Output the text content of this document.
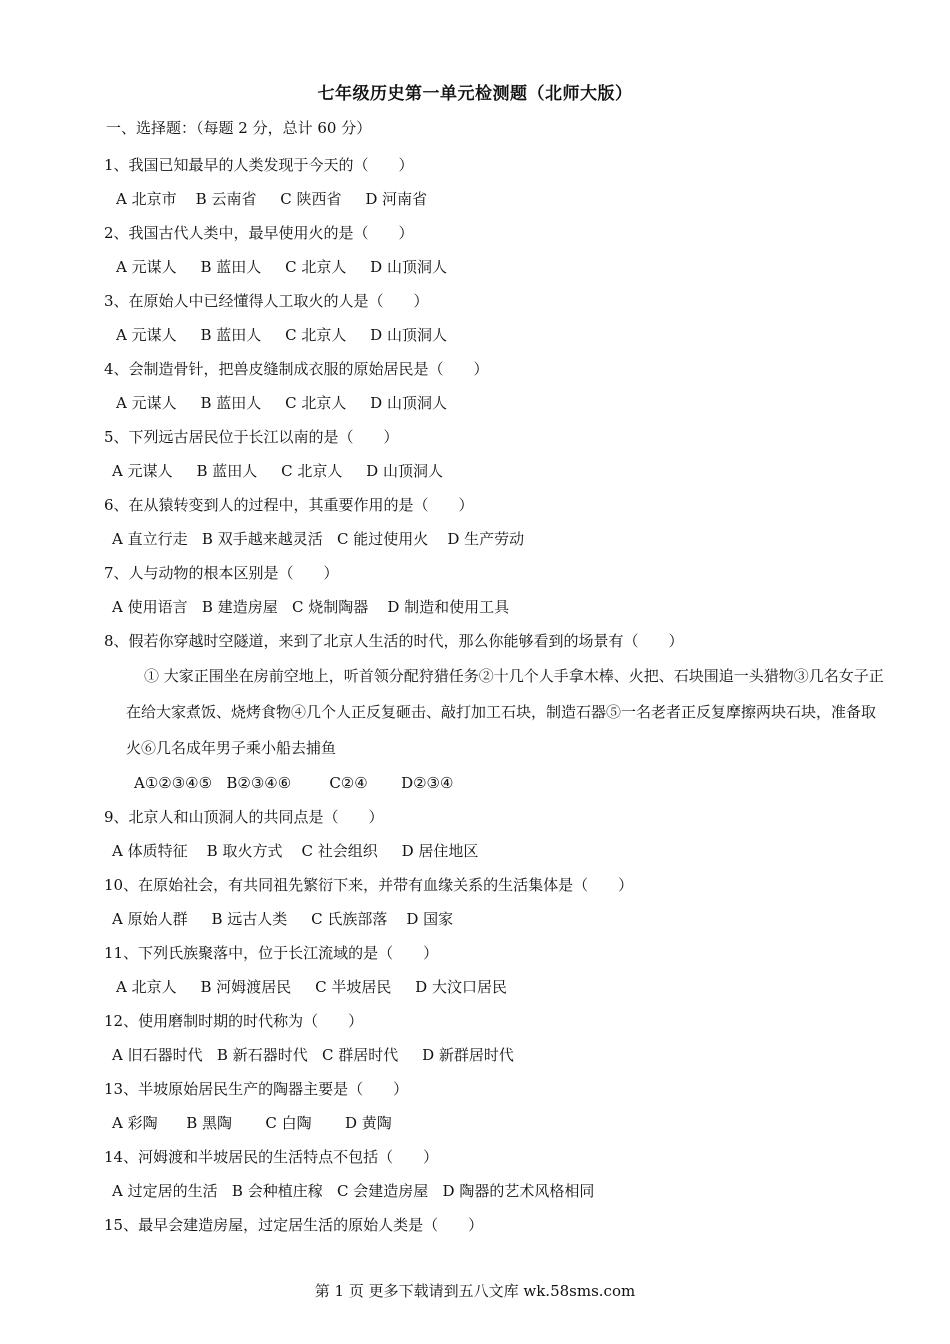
七年级历史第一单元检测题（北师大版）
一、选择题：（每题 2 分，总计 60 分）
1、我国已知最早的人类发现于今天的（　　）
A 北京市    B 云南省     C 陕西省     D 河南省
2、我国古代人类中，最早使用火的是（　　）
A 元谋人     B 蓝田人     C 北京人     D 山顶洞人
3、在原始人中已经懂得人工取火的人是（　　）
A 元谋人     B 蓝田人     C 北京人     D 山顶洞人
4、会制造骨针，把兽皮缝制成衣服的原始居民是（　　）
A 元谋人     B 蓝田人     C 北京人     D 山顶洞人
5、下列远古居民位于长江以南的是（　　）
A 元谋人     B 蓝田人     C 北京人     D 山顶洞人
6、在从猿转变到人的过程中，其重要作用的是（　　）
A 直立行走   B 双手越来越灵活   C 能过使用火    D 生产劳动
7、人与动物的根本区别是（　　）
A 使用语言   B 建造房屋   C 烧制陶器    D 制造和使用工具
8、假若你穿越时空隧道，来到了北京人生活的时代，那么你能够看到的场景有（　　）
① 大家正围坐在房前空地上，听首领分配狩猎任务②十几个人手拿木棒、火把、石块围追一头猎物③几名女子正在给大家煮饭、烧烤食物④几个人正反复砸击、敲打加工石块，制造石器⑤一名老者正反复摩擦两块石块，准备取火⑥几名成年男子乘小船去捕鱼
A①②③④⑤   B②③④⑥        C②④       D②③④
9、北京人和山顶洞人的共同点是（　　）
A 体质特征    B 取火方式    C 社会组织     D 居住地区
10、在原始社会，有共同祖先繁衍下来，并带有血缘关系的生活集体是（　　）
A 原始人群     B 远古人类     C 氏族部落    D 国家
11、下列氏族聚落中，位于长江流域的是（　　）
A 北京人     B 河姆渡居民     C 半坡居民     D 大汶口居民
12、使用磨制时期的时代称为（　　）
A 旧石器时代   B 新石器时代   C 群居时代     D 新群居时代
13、半坡原始居民生产的陶器主要是（　　）
A 彩陶      B 黑陶       C 白陶       D 黄陶
14、河姆渡和半坡居民的生活特点不包括（　　）
A 过定居的生活   B 会种植庄稼   C 会建造房屋   D 陶器的艺术风格相同
15、最早会建造房屋，过定居生活的原始人类是（　　）
第 1 页 更多下载请到五八文库 wk.58sms.com
